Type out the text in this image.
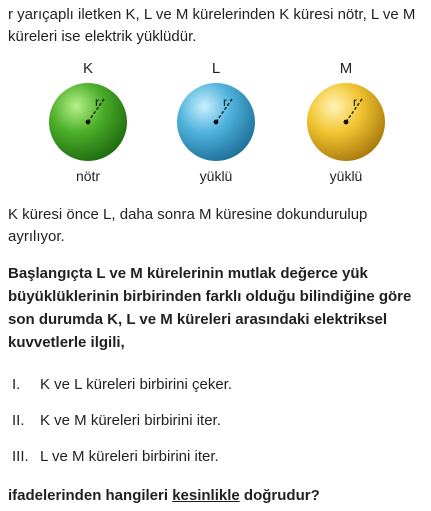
r yarıçaplı iletken K, L ve M kürelerinden K küresi nötr, L ve M küreleri ise elektrik yüklüdür.
K
r
nötr
L
r
yüklü
M
r
yüklü
K küresi önce L, daha sonra M küresine dokundurulup ayrılıyor.
Başlangıçta L ve M kürelerinin mutlak değerce yük büyüklüklerinin birbirinden farklı olduğu bilindiğine göre son durumda K, L ve M küreleri arasındaki elektriksel kuvvetlerle ilgili,
I. K ve L küreleri birbirini çeker.
II. K ve M küreleri birbirini iter.
III. L ve M küreleri birbirini iter.
ifadelerinden hangileri kesinlikle doğrudur?
